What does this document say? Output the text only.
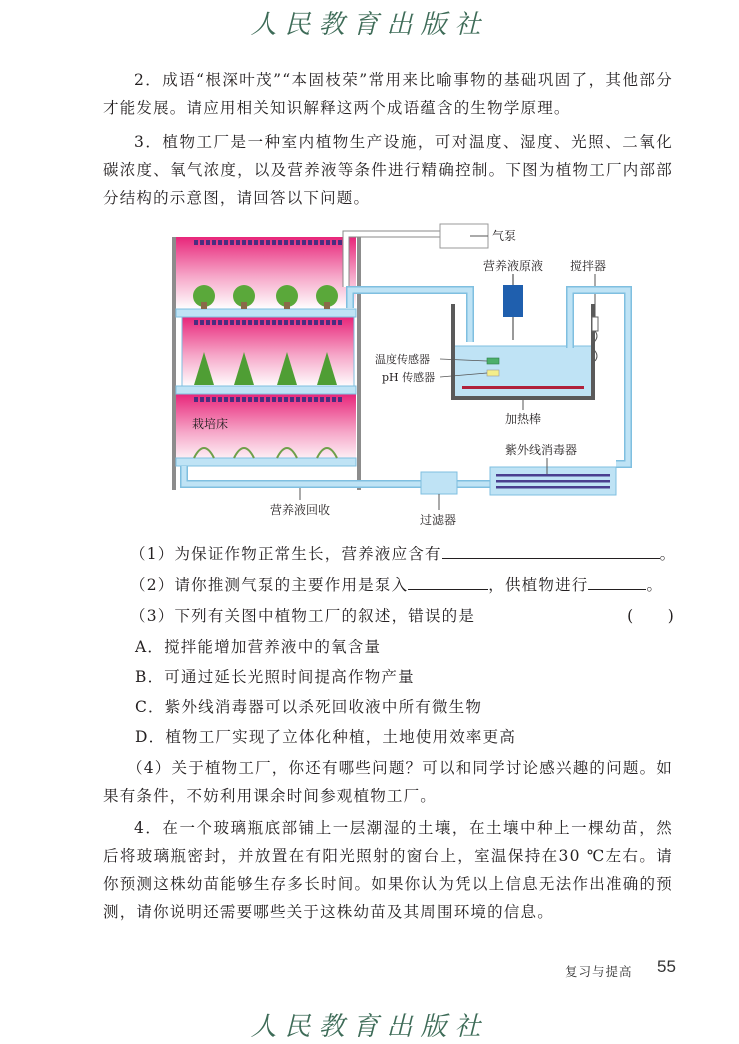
人民教育出版社
2．成语“根深叶茂”“本固枝荣”常用来比喻事物的基础巩固了，其他部分才能发展。请应用相关知识解释这两个成语蕴含的生物学原理。
3．植物工厂是一种室内植物生产设施，可对温度、湿度、光照、二氧化碳浓度、氧气浓度，以及营养液等条件进行精确控制。下图为植物工厂内部部分结构的示意图，请回答以下问题。
栽培床
气泵
温度传感器
pH 传感器
营养液原液 搅拌器
加热棒
过滤器
紫外线消毒器
营养液回收
（1）为保证作物正常生长，营养液应含有	。
（2）请你推测气泵的主要作用是泵入	，供植物进行	。
（3）下列有关图中植物工厂的叙述，错误的是	(　　)
A．搅拌能增加营养液中的氧含量
B．可通过延长光照时间提高作物产量
C．紫外线消毒器可以杀死回收液中所有微生物
D．植物工厂实现了立体化种植，土地使用效率更高
（4）关于植物工厂，你还有哪些问题？可以和同学讨论感兴趣的问题。如果有条件，不妨利用课余时间参观植物工厂。
4．在一个玻璃瓶底部铺上一层潮湿的土壤，在土壤中种上一棵幼苗，然后将玻璃瓶密封，并放置在有阳光照射的窗台上，室温保持在30 ℃左右。请你预测这株幼苗能够生存多长时间。如果你认为凭以上信息无法作出准确的预测，请你说明还需要哪些关于这株幼苗及其周围环境的信息。
复习与提高 55
人民教育出版社
